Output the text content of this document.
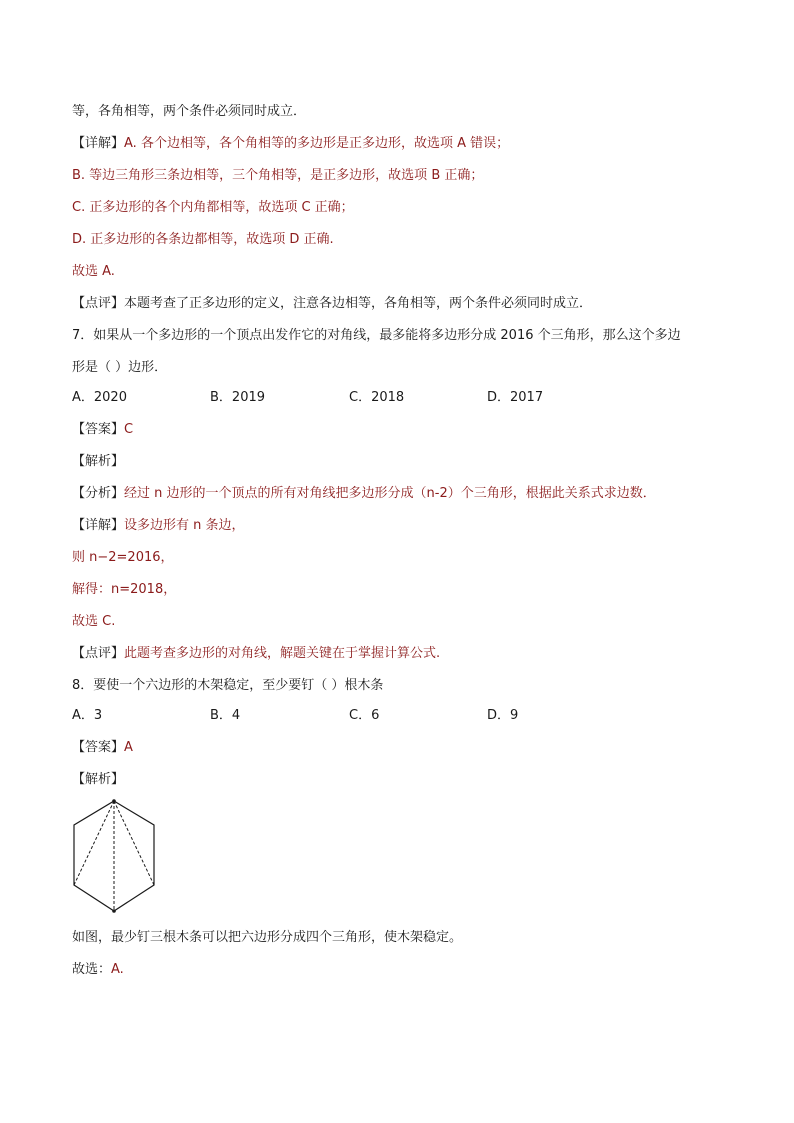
等，各角相等，两个条件必须同时成立．
【详解】A. 各个边相等，各个角相等的多边形是正多边形，故选项 A 错误；
B. 等边三角形三条边相等，三个角相等，是正多边形，故选项 B 正确；
C. 正多边形的各个内角都相等，故选项 C 正确；
D. 正多边形的各条边都相等，故选项 D 正确.
故选 A.
【点评】本题考查了正多边形的定义，注意各边相等，各角相等，两个条件必须同时成立．
7．如果从一个多边形的一个顶点出发作它的对角线，最多能将多边形分成 2016 个三角形，那么这个多边
形是（ ）边形．
A．2020	B．2019	C．2018	D．2017
【答案】C
【解析】
【分析】经过 n 边形的一个顶点的所有对角线把多边形分成（n-2）个三角形，根据此关系式求边数．
【详解】设多边形有 n 条边，
则 n−2=2016，
解得：n=2018，
故选 C.
【点评】此题考查多边形的对角线，解题关键在于掌握计算公式.
8．要使一个六边形的木架稳定，至少要钉（ ）根木条
A．3	B．4	C．6	D．9
【答案】A
【解析】
如图，最少钉三根木条可以把六边形分成四个三角形，使木架稳定。
故选：A.
